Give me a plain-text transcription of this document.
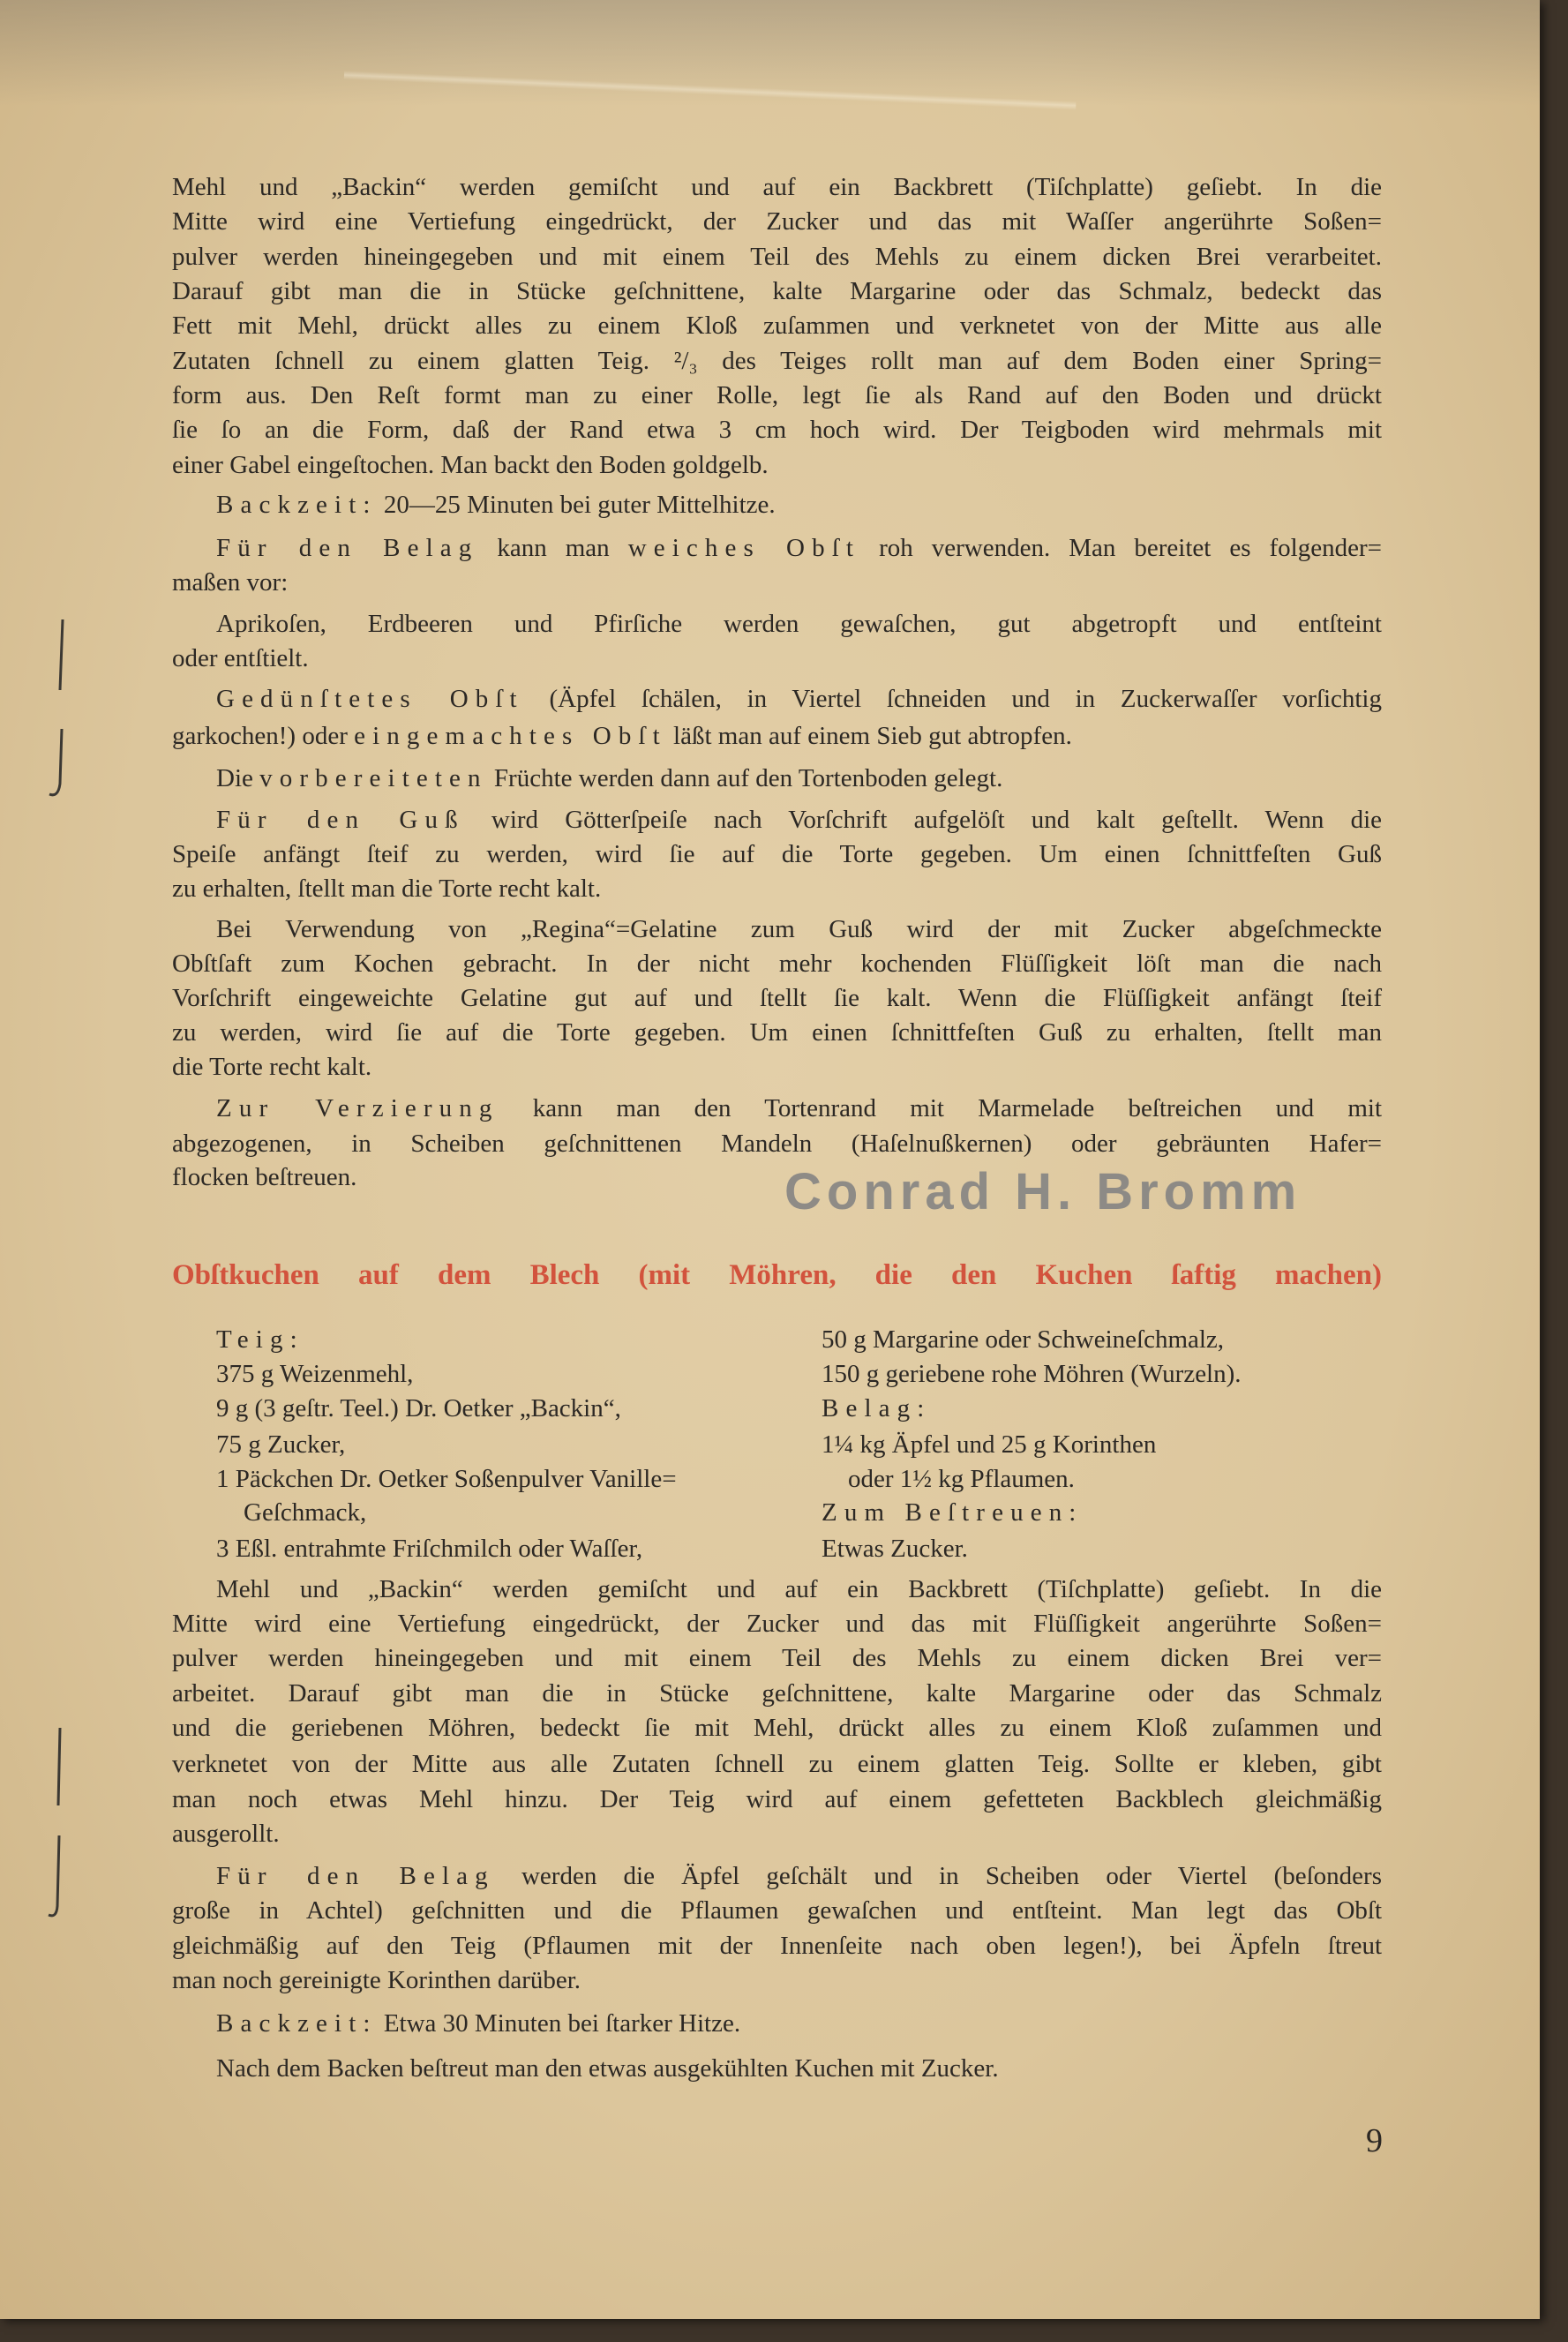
Mehl und „Backin“ werden gemiſcht und auf ein Backbrett (Tiſchplatte) geſiebt. In die
Mitte wird eine Vertiefung eingedrückt, der Zucker und das mit Waſſer angerührte Soßen=
pulver werden hineingegeben und mit einem Teil des Mehls zu einem dicken Brei verarbeitet.
Darauf gibt man die in Stücke geſchnittene, kalte Margarine oder das Schmalz, bedeckt das
Fett mit Mehl, drückt alles zu einem Kloß zuſammen und verknetet von der Mitte aus alle
Zutaten ſchnell zu einem glatten Teig. ²/₃ des Teiges rollt man auf dem Boden einer Spring=
form aus. Den Reſt formt man zu einer Rolle, legt ſie als Rand auf den Boden und drückt
ſie ſo an die Form, daß der Rand etwa 3 cm hoch wird. Der Teigboden wird mehrmals mit
einer Gabel eingeſtochen. Man backt den Boden goldgelb.
Backzeit: 20—25 Minuten bei guter Mittelhitze.
Für den Belag kann man weiches Obſt roh verwenden. Man bereitet es folgender=
maßen vor:
Aprikoſen, Erdbeeren und Pfirſiche werden gewaſchen, gut abgetropft und entſteint
oder entſtielt.
Gedünſtetes Obſt (Äpfel ſchälen, in Viertel ſchneiden und in Zuckerwaſſer vorſichtig
garkochen!) oder eingemachtes Obſt läßt man auf einem Sieb gut abtropfen.
Die vorbereiteten Früchte werden dann auf den Tortenboden gelegt.
Für den Guß wird Götterſpeiſe nach Vorſchrift aufgelöſt und kalt geſtellt. Wenn die
Speiſe anfängt ſteif zu werden, wird ſie auf die Torte gegeben. Um einen ſchnittfeſten Guß
zu erhalten, ſtellt man die Torte recht kalt.
Bei Verwendung von „Regina“=Gelatine zum Guß wird der mit Zucker abgeſchmeckte
Obſtſaft zum Kochen gebracht. In der nicht mehr kochenden Flüſſigkeit löſt man die nach
Vorſchrift eingeweichte Gelatine gut auf und ſtellt ſie kalt. Wenn die Flüſſigkeit anfängt ſteif
zu werden, wird ſie auf die Torte gegeben. Um einen ſchnittfeſten Guß zu erhalten, ſtellt man
die Torte recht kalt.
Zur Verzierung kann man den Tortenrand mit Marmelade beſtreichen und mit
abgezogenen, in Scheiben geſchnittenen Mandeln (Haſelnußkernen) oder gebräunten Hafer=
flocken beſtreuen.	Conrad H. Bromm
Obſtkuchen auf dem Blech (mit Möhren, die den Kuchen ſaftig machen)
Teig:
375 g Weizenmehl,
9 g (3 geſtr. Teel.) Dr. Oetker „Backin“,
75 g Zucker,
1 Päckchen Dr. Oetker Soßenpulver Vanille=
Geſchmack,
3 Eßl. entrahmte Friſchmilch oder Waſſer,
50 g Margarine oder Schweineſchmalz,
150 g geriebene rohe Möhren (Wurzeln).
Belag:
1¼ kg Äpfel und 25 g Korinthen
oder 1½ kg Pflaumen.
Zum Beſtreuen:
Etwas Zucker.
Mehl und „Backin“ werden gemiſcht und auf ein Backbrett (Tiſchplatte) geſiebt. In die
Mitte wird eine Vertiefung eingedrückt, der Zucker und das mit Flüſſigkeit angerührte Soßen=
pulver werden hineingegeben und mit einem Teil des Mehls zu einem dicken Brei ver=
arbeitet. Darauf gibt man die in Stücke geſchnittene, kalte Margarine oder das Schmalz
und die geriebenen Möhren, bedeckt ſie mit Mehl, drückt alles zu einem Kloß zuſammen und
verknetet von der Mitte aus alle Zutaten ſchnell zu einem glatten Teig. Sollte er kleben, gibt
man noch etwas Mehl hinzu. Der Teig wird auf einem gefetteten Backblech gleichmäßig
ausgerollt.
Für den Belag werden die Äpfel geſchält und in Scheiben oder Viertel (beſonders
große in Achtel) geſchnitten und die Pflaumen gewaſchen und entſteint. Man legt das Obſt
gleichmäßig auf den Teig (Pflaumen mit der Innenſeite nach oben legen!), bei Äpfeln ſtreut
man noch gereinigte Korinthen darüber.
Backzeit: Etwa 30 Minuten bei ſtarker Hitze.
Nach dem Backen beſtreut man den etwas ausgekühlten Kuchen mit Zucker.
9
